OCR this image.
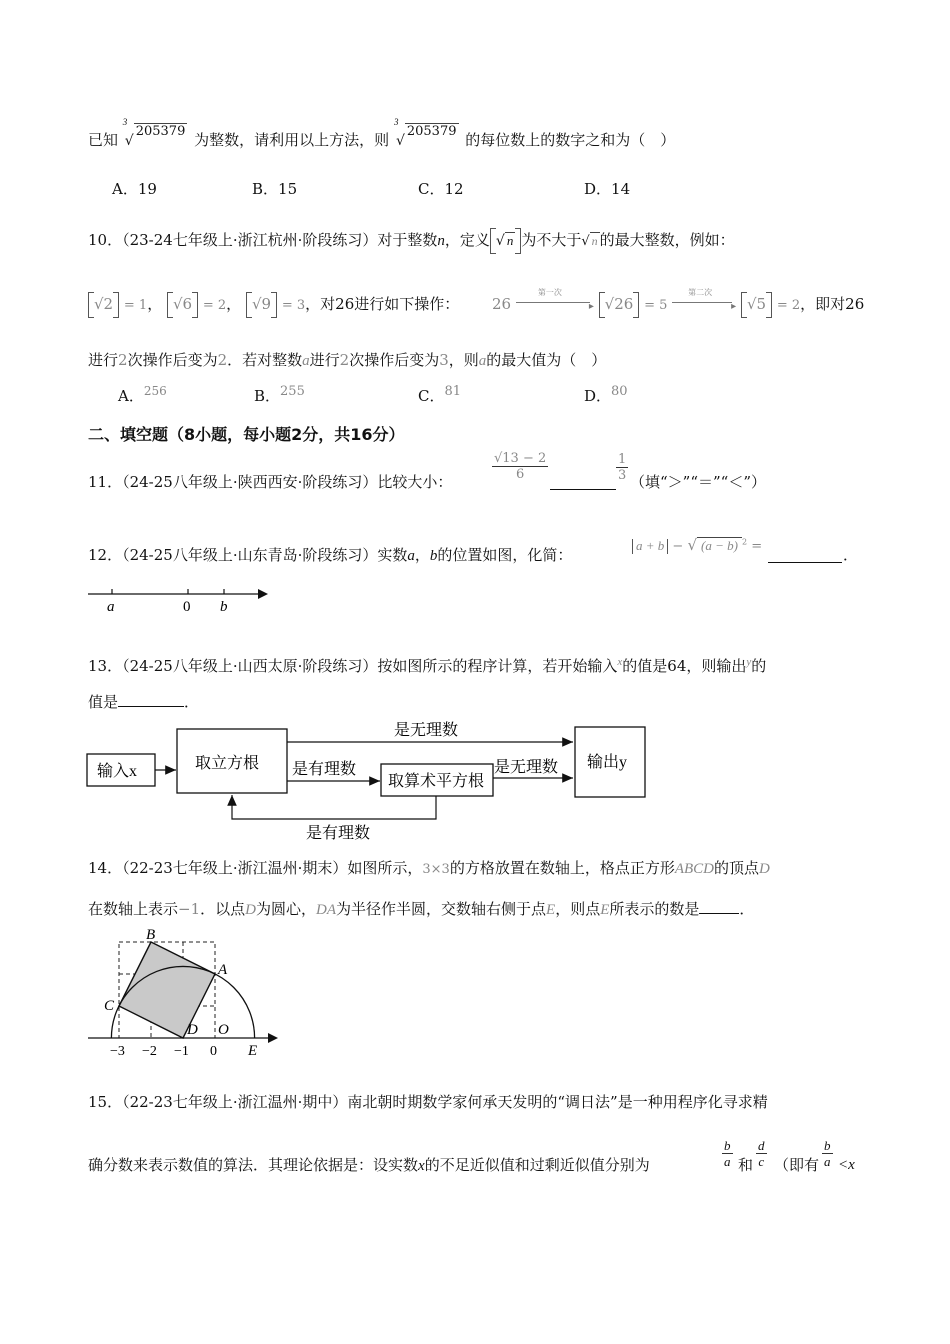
已知
3
√205379 为整数，请利用以上方法，则
3
√205379 的每位数上的数字之和为（　）
A．19	B．15	C．12	D．14
10．（23-24七年级上·浙江杭州·阶段练习）对于整数n，定义 √ n 为不大于√ n 的最大整数，例如：
√2 = 1， √6 = 2， √9 = 3，对26进行如下操作： 26
第一次
▸ √26 = 5
第二次
▸ √5 = 2，即对26
进行2次操作后变为2．若对整数a进行2次操作后变为3，则a的最大值为（　）
A．$^{256}$	B．255	C．81	D．80
二、填空题（8小题，每小题2分，共16分）
11．（24-25八年级上·陕西西安·阶段练习）比较大小：	$\frac{√13 - 2}{6}$	$\frac{1}{3}$ （填“＞”“＝”“＜”）
12．（24-25八年级上·山东青岛·阶段练习）实数a，b的位置如图，化简：
a + b − √ (a − b) $^2$ =	．
a	0 b
13．（24-25八年级上·山西太原·阶段练习）按如图所示的程序计算，若开始输入$^x$的值是64，则输出$^y$的
值是	．
输入x	取立方根
是无理数
是有理数
取算术平方根
是无理数 输出y
是有理数
14．（22-23七年级上·浙江温州·期末）如图所示，3×3的方格放置在数轴上，格点正方形ABCD的顶点D
在数轴上表示−1．以点D为圆心，DA为半径作半圆，交数轴右侧于点E，则点E所表示的数是	．
B
A
C
D O
−3 −2 −1 0 E
15．（22-23七年级上·浙江温州·期中）南北朝时期数学家何承天发明的“调日法”是一种用程序化寻求精
确分数来表示数值的算法．其理论依据是：设实数x的不足近似值和过剩近似值分别为	$\frac{b}{a}$ 和 $\frac{d}{c}$ （即有 $\frac{b}{a} <x$
